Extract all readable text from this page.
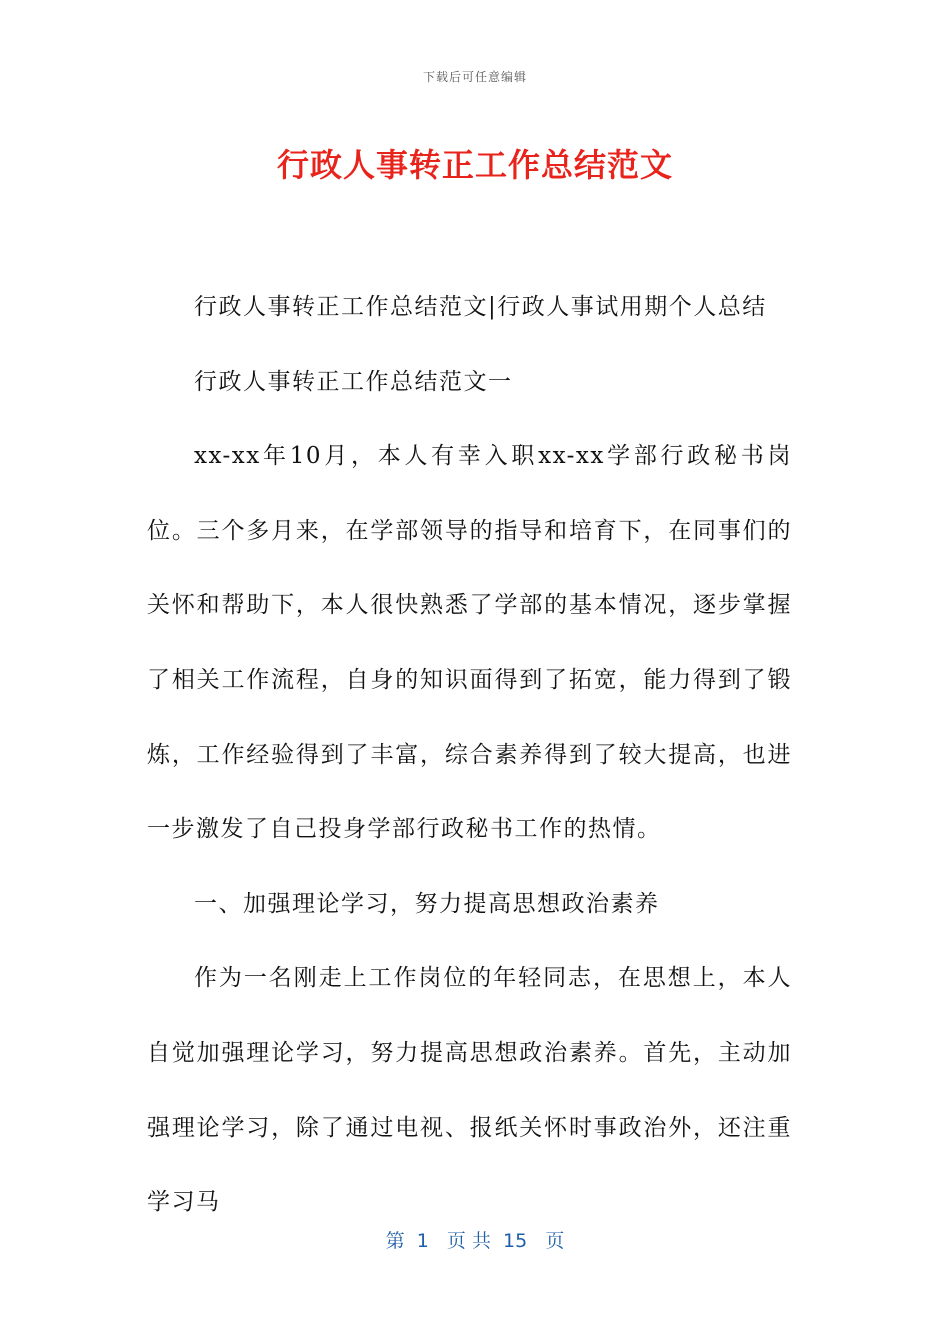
下载后可任意编辑
行政人事转正工作总结范文

行政人事转正工作总结范文|行政人事试用期个人总结

行政人事转正工作总结范文一

xx-xx年10月，本人有幸入职xx-xx学部行政秘书岗位。三个多月来，在学部领导的指导和培育下，在同事们的关怀和帮助下，本人很快熟悉了学部的基本情况，逐步掌握了相关工作流程，自身的知识面得到了拓宽，能力得到了锻炼，工作经验得到了丰富，综合素养得到了较大提高，也进一步激发了自己投身学部行政秘书工作的热情。

一、加强理论学习，努力提高思想政治素养

作为一名刚走上工作岗位的年轻同志，在思想上，本人自觉加强理论学习，努力提高思想政治素养。首先，主动加强理论学习，除了通过电视、报纸关怀时事政治外，还注重学习马

第  1   页 共  15   页
